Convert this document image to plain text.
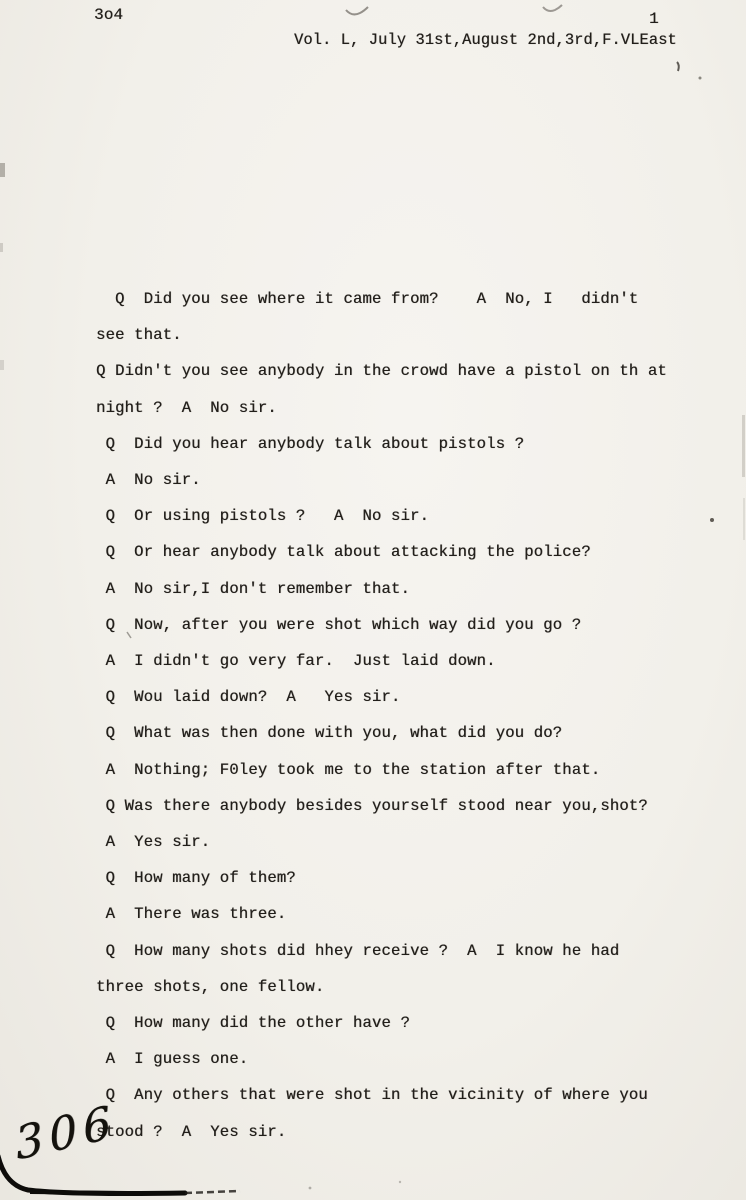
3o4	1
Vol. L, July 31st,August 2nd,3rd,F.VLEast
Q  Did you see where it came from?    A  No, I   didn't
see that.
Q Didn't you see anybody in the crowd have a pistol on th at
night ?  A  No sir.
Q  Did you hear anybody talk about pistols ?
A  No sir.
Q  Or using pistols ?   A  No sir.
Q  Or hear anybody talk about attacking the police?
A  No sir,I don't remember that.
Q  Now, after you were shot which way did you go ?
A  I didn't go very far.  Just laid down.
Q  Wou laid down?  A   Yes sir.
Q  What was then done with you, what did you do?
A  Nothing; F0ley took me to the station after that.
Q Was there anybody besides yourself stood near you,shot?
A  Yes sir.
Q  How many of them?
A  There was three.
Q  How many shots did hhey receive ?  A  I know he had
three shots, one fellow.
Q  How many did the other have ?
A  I guess one.
Q  Any others that were shot in the vicinity of where you
stood ?  A  Yes sir.
306
